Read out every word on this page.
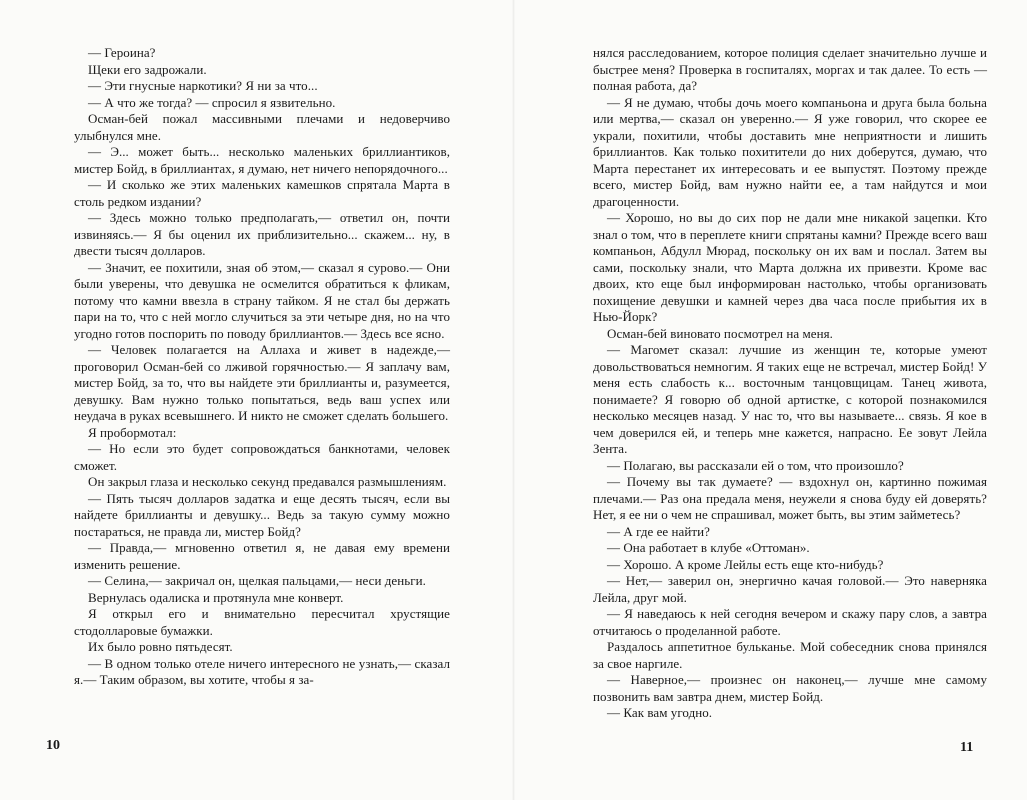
— Героина?

Щеки его задрожали.

— Эти гнусные наркотики? Я ни за что...

— А что же тогда? — спросил я язвительно.

Осман-бей пожал массивными плечами и недоверчиво улыбнулся мне.

— Э... может быть... несколько маленьких бриллиантиков, мистер Бойд, в бриллиантах, я думаю, нет ничего непорядочного...

— И сколько же этих маленьких камешков спрятала Марта в столь редком издании?

— Здесь можно только предполагать,— ответил он, почти извиняясь.— Я бы оценил их приблизительно... скажем... ну, в двести тысяч долларов.

— Значит, ее похитили, зная об этом,— сказал я сурово.— Они были уверены, что девушка не осмелится обратиться к фликам, потому что камни ввезла в страну тайком. Я не стал бы держать пари на то, что с ней могло случиться за эти четыре дня, но на что угодно готов поспорить по поводу бриллиантов.— Здесь все ясно.

— Человек полагается на Аллаха и живет в надежде,— проговорил Осман-бей со лживой горячностью.— Я заплачу вам, мистер Бойд, за то, что вы найдете эти бриллианты и, разумеется, девушку. Вам нужно только попытаться, ведь ваш успех или неудача в руках всевышнего. И никто не сможет сделать большего.

Я пробормотал:

— Но если это будет сопровождаться банкнотами, человек сможет.

Он закрыл глаза и несколько секунд предавался размышлениям.

— Пять тысяч долларов задатка и еще десять тысяч, если вы найдете бриллианты и девушку... Ведь за такую сумму можно постараться, не правда ли, мистер Бойд?

— Правда,— мгновенно ответил я, не давая ему времени изменить решение.

— Селина,— закричал он, щелкая пальцами,— неси деньги.

Вернулась одалиска и протянула мне конверт.

Я открыл его и внимательно пересчитал хрустящие стодолларовые бумажки.

Их было ровно пятьдесят.

— В одном только отеле ничего интересного не узнать,— сказал я.— Таким образом, вы хотите, чтобы я за-

10

нялся расследованием, которое полиция сделает значительно лучше и быстрее меня? Проверка в госпиталях, моргах и так далее. То есть — полная работа, да?

— Я не думаю, чтобы дочь моего компаньона и друга была больна или мертва,— сказал он уверенно.— Я уже говорил, что скорее ее украли, похитили, чтобы доставить мне неприятности и лишить бриллиантов. Как только похитители до них доберутся, думаю, что Марта перестанет их интересовать и ее выпустят. Поэтому прежде всего, мистер Бойд, вам нужно найти ее, а там найдутся и мои драгоценности.

— Хорошо, но вы до сих пор не дали мне никакой зацепки. Кто знал о том, что в переплете книги спрятаны камни? Прежде всего ваш компаньон, Абдулл Мюрад, поскольку он их вам и послал. Затем вы сами, поскольку знали, что Марта должна их привезти. Кроме вас двоих, кто еще был информирован настолько, чтобы организовать похищение девушки и камней через два часа после прибытия их в Нью-Йорк?

Осман-бей виновато посмотрел на меня.

— Магомет сказал: лучшие из женщин те, которые умеют довольствоваться немногим. Я таких еще не встречал, мистер Бойд! У меня есть слабость к... восточным танцовщицам. Танец живота, понимаете? Я говорю об одной артистке, с которой познакомился несколько месяцев назад. У нас то, что вы называете... связь. Я кое в чем доверился ей, и теперь мне кажется, напрасно. Ее зовут Лейла Зента.

— Полагаю, вы рассказали ей о том, что произошло?

— Почему вы так думаете? — вздохнул он, картинно пожимая плечами.— Раз она предала меня, неужели я снова буду ей доверять? Нет, я ее ни о чем не спрашивал, может быть, вы этим займетесь?

— А где ее найти?

— Она работает в клубе «Оттоман».

— Хорошо. А кроме Лейлы есть еще кто-нибудь?

— Нет,— заверил он, энергично качая головой.— Это наверняка Лейла, друг мой.

— Я наведаюсь к ней сегодня вечером и скажу пару слов, а завтра отчитаюсь о проделанной работе.

Раздалось аппетитное бульканье. Мой собеседник снова принялся за свое наргиле.

— Наверное,— произнес он наконец,— лучше мне самому позвонить вам завтра днем, мистер Бойд.

— Как вам угодно.

11
